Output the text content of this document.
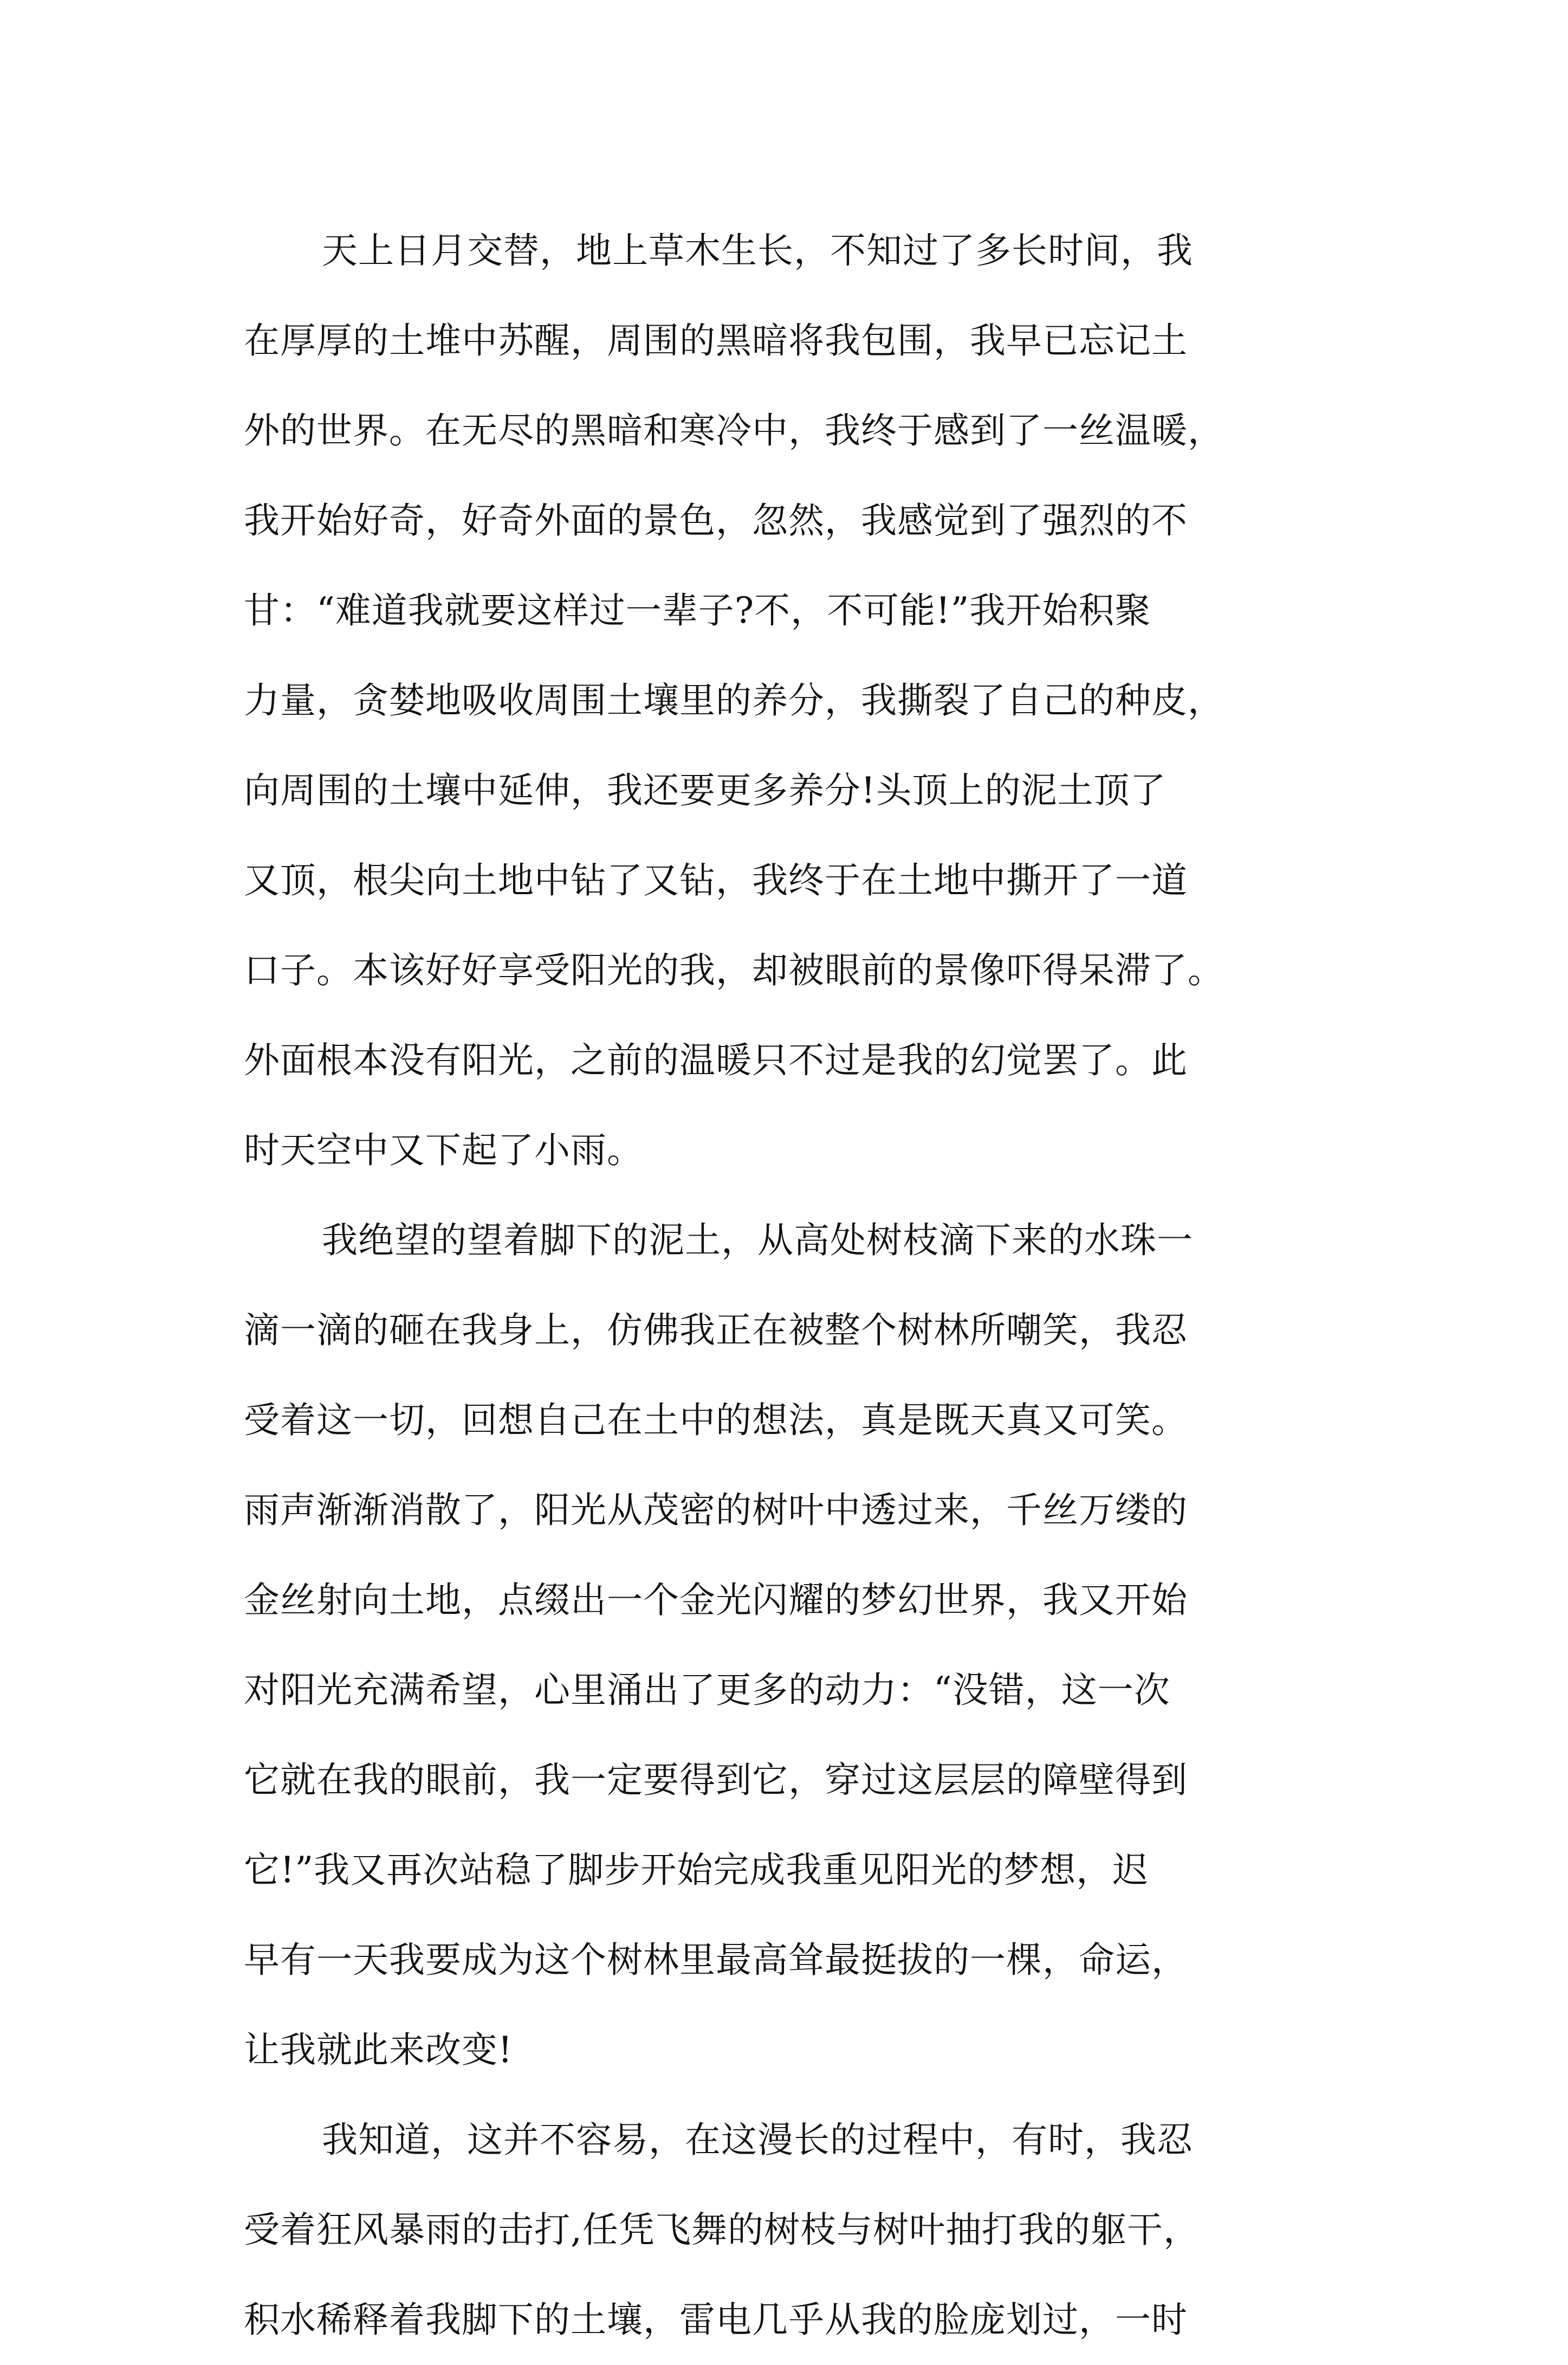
天上日月交替，地上草木生长，不知过了多长时间，我
在厚厚的土堆中苏醒，周围的黑暗将我包围，我早已忘记土
外的世界。在无尽的黑暗和寒冷中，我终于感到了一丝温暖，
我开始好奇，好奇外面的景色，忽然，我感觉到了强烈的不
甘：“难道我就要这样过一辈子?不，不可能!”我开始积聚
力量，贪婪地吸收周围土壤里的养分，我撕裂了自己的种皮，
向周围的土壤中延伸，我还要更多养分!头顶上的泥土顶了
又顶，根尖向土地中钻了又钻，我终于在土地中撕开了一道
口子。本该好好享受阳光的我，却被眼前的景像吓得呆滞了。
外面根本没有阳光，之前的温暖只不过是我的幻觉罢了。此
时天空中又下起了小雨。
我绝望的望着脚下的泥土，从高处树枝滴下来的水珠一
滴一滴的砸在我身上，仿佛我正在被整个树林所嘲笑，我忍
受着这一切，回想自己在土中的想法，真是既天真又可笑。
雨声渐渐消散了，阳光从茂密的树叶中透过来，千丝万缕的
金丝射向土地，点缀出一个金光闪耀的梦幻世界，我又开始
对阳光充满希望，心里涌出了更多的动力：“没错，这一次
它就在我的眼前，我一定要得到它，穿过这层层的障壁得到
它!”我又再次站稳了脚步开始完成我重见阳光的梦想，迟
早有一天我要成为这个树林里最高耸最挺拔的一棵，命运，
让我就此来改变!
我知道，这并不容易，在这漫长的过程中，有时，我忍
受着狂风暴雨的击打,任凭飞舞的树枝与树叶抽打我的躯干，
积水稀释着我脚下的土壤，雷电几乎从我的脸庞划过，一时
